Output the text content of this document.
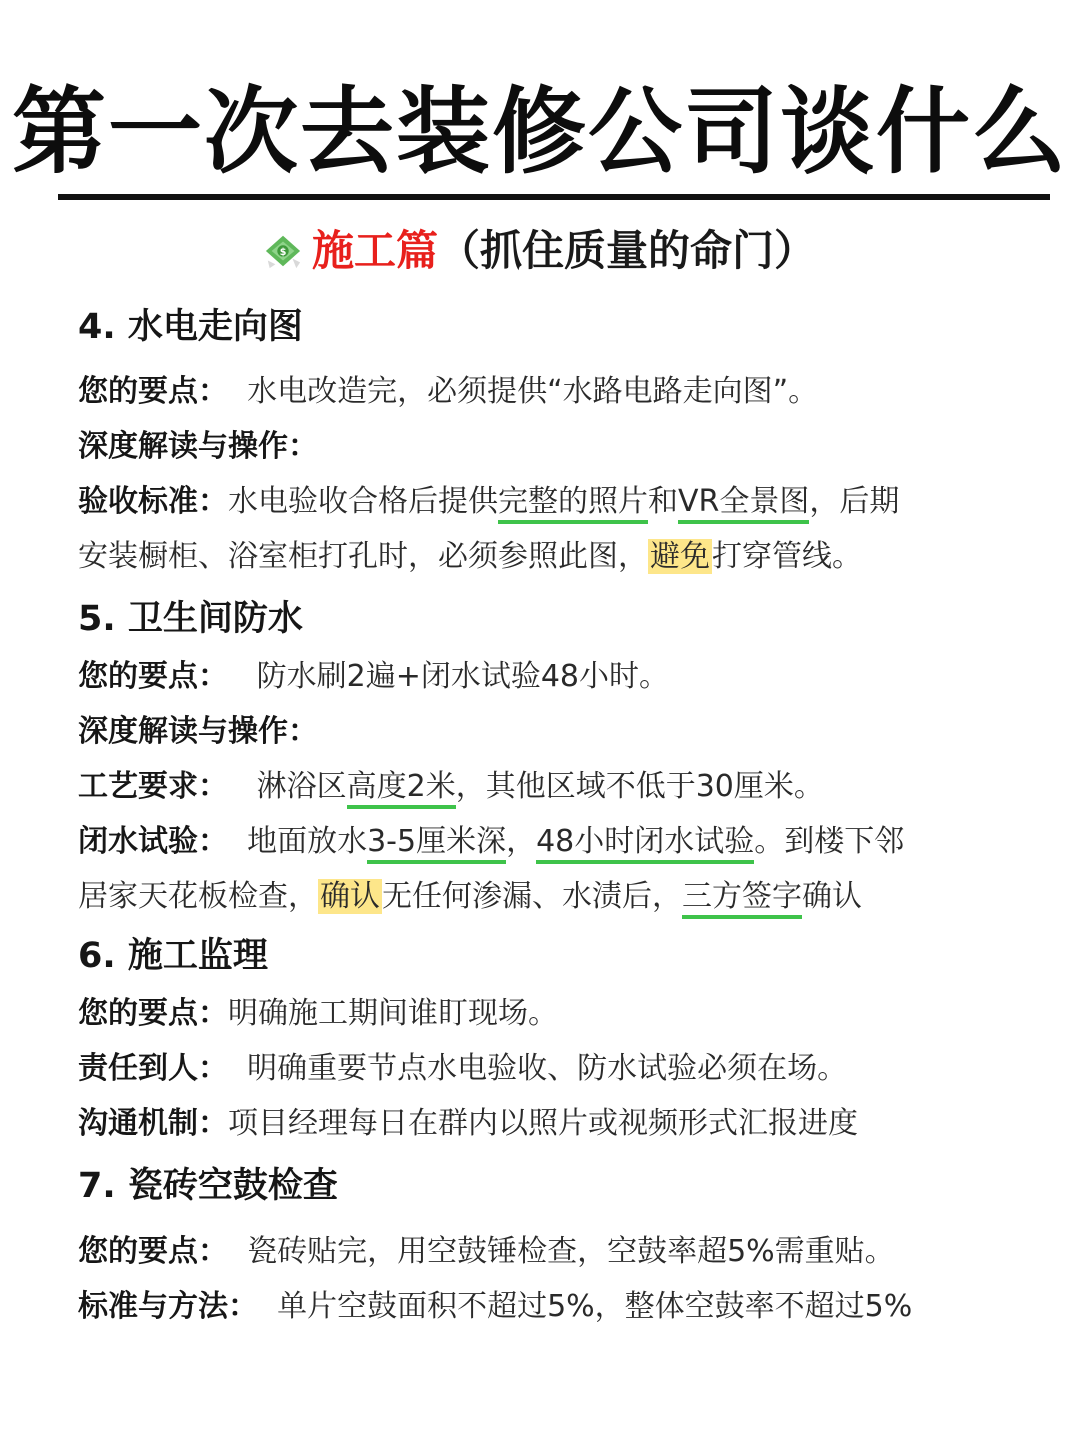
第一次去装修公司谈什么
$ 施工篇（抓住质量的命门）
4. 水电走向图
您的要点：  水电改造完，必须提供“水路电路走向图”。
深度解读与操作：
验收标准：水电验收合格后提供完整的照片和VR全景图，后期
安装橱柜、浴室柜打孔时，必须参照此图，避免打穿管线。
5. 卫生间防水
您的要点：   防水刷2遍+闭水试验48小时。
深度解读与操作：
工艺要求：   淋浴区高度2米，其他区域不低于30厘米。
闭水试验：  地面放水3-5厘米深，48小时闭水试验。到楼下邻
居家天花板检查，确认无任何渗漏、水渍后，三方签字确认
6. 施工监理
您的要点：明确施工期间谁盯现场。
责任到人：  明确重要节点水电验收、防水试验必须在场。
沟通机制：项目经理每日在群内以照片或视频形式汇报进度
7. 瓷砖空鼓检查
您的要点：  瓷砖贴完，用空鼓锤检查，空鼓率超5%需重贴。
标准与方法：  单片空鼓面积不超过5%，整体空鼓率不超过5%
